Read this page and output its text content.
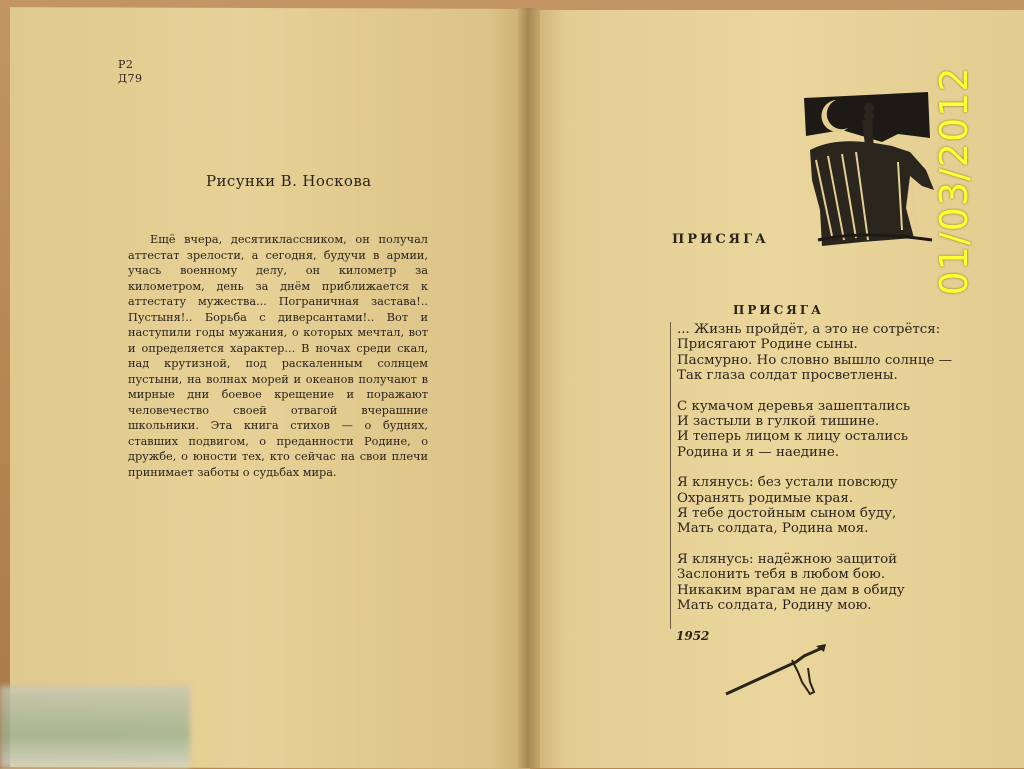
Р2
Д79
Рисунки В. Носкова

Ещё вчера, десятиклассником, он получал аттестат зрелости, а сегодня, будучи в армии, учась военному делу, он километр за километром, день за днём приближается к аттестату мужества... Пограничная застава!.. Пустыня!.. Борьба с диверсантами!.. Вот и наступили годы мужания, о которых мечтал, вот и определяется характер... В ночах среди скал, над крутизной, под раскаленным солнцем пустыни, на волнах морей и океанов получают в мирные дни боевое крещение и поражают человечество своей отвагой вчерашние школьники. Эта книга стихов — о буднях, ставших подвигом, о преданности Родине, о дружбе, о юности тех, кто сейчас на свои плечи принимает заботы о судьбах мира.

ПРИСЯГА
ПРИСЯГА
... Жизнь пройдёт, а это не сотрётся:
Присягают Родине сыны.
Пасмурно. Но словно вышло солнце —
Так глаза солдат просветлены.
С кумачом деревья зашептались
И застыли в гулкой тишине.
И теперь лицом к лицу остались
Родина и я — наедине.
Я клянусь: без устали повсюду
Охранять родимые края.
Я тебе достойным сыном буду,
Мать солдата, Родина моя.
Я клянусь: надёжною защитой
Заслонить тебя в любом бою.
Никаким врагам не дам в обиду
Мать солдата, Родину мою.
1952
01/03/2012
